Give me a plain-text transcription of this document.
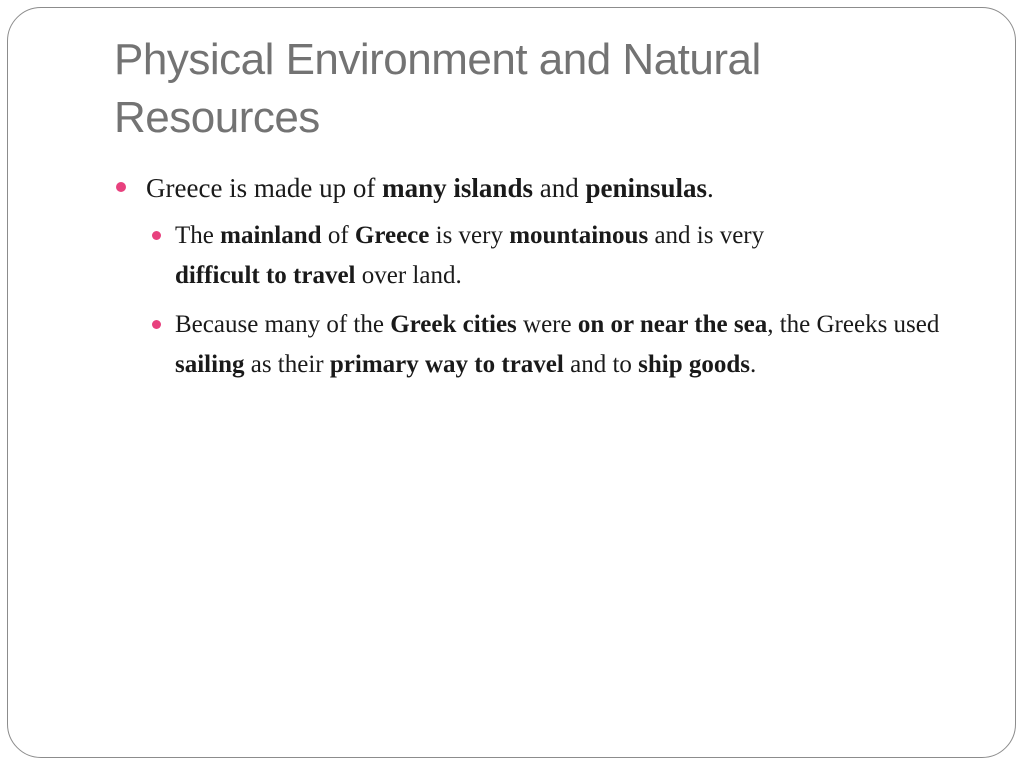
Physical Environment and Natural
Resources
Greece is made up of many islands and peninsulas.
The mainland of Greece is very mountainous and is very
difficult to travel over land.
Because many of the Greek cities were on or near the sea, the Greeks used sailing as their primary way to travel and to ship goods.
